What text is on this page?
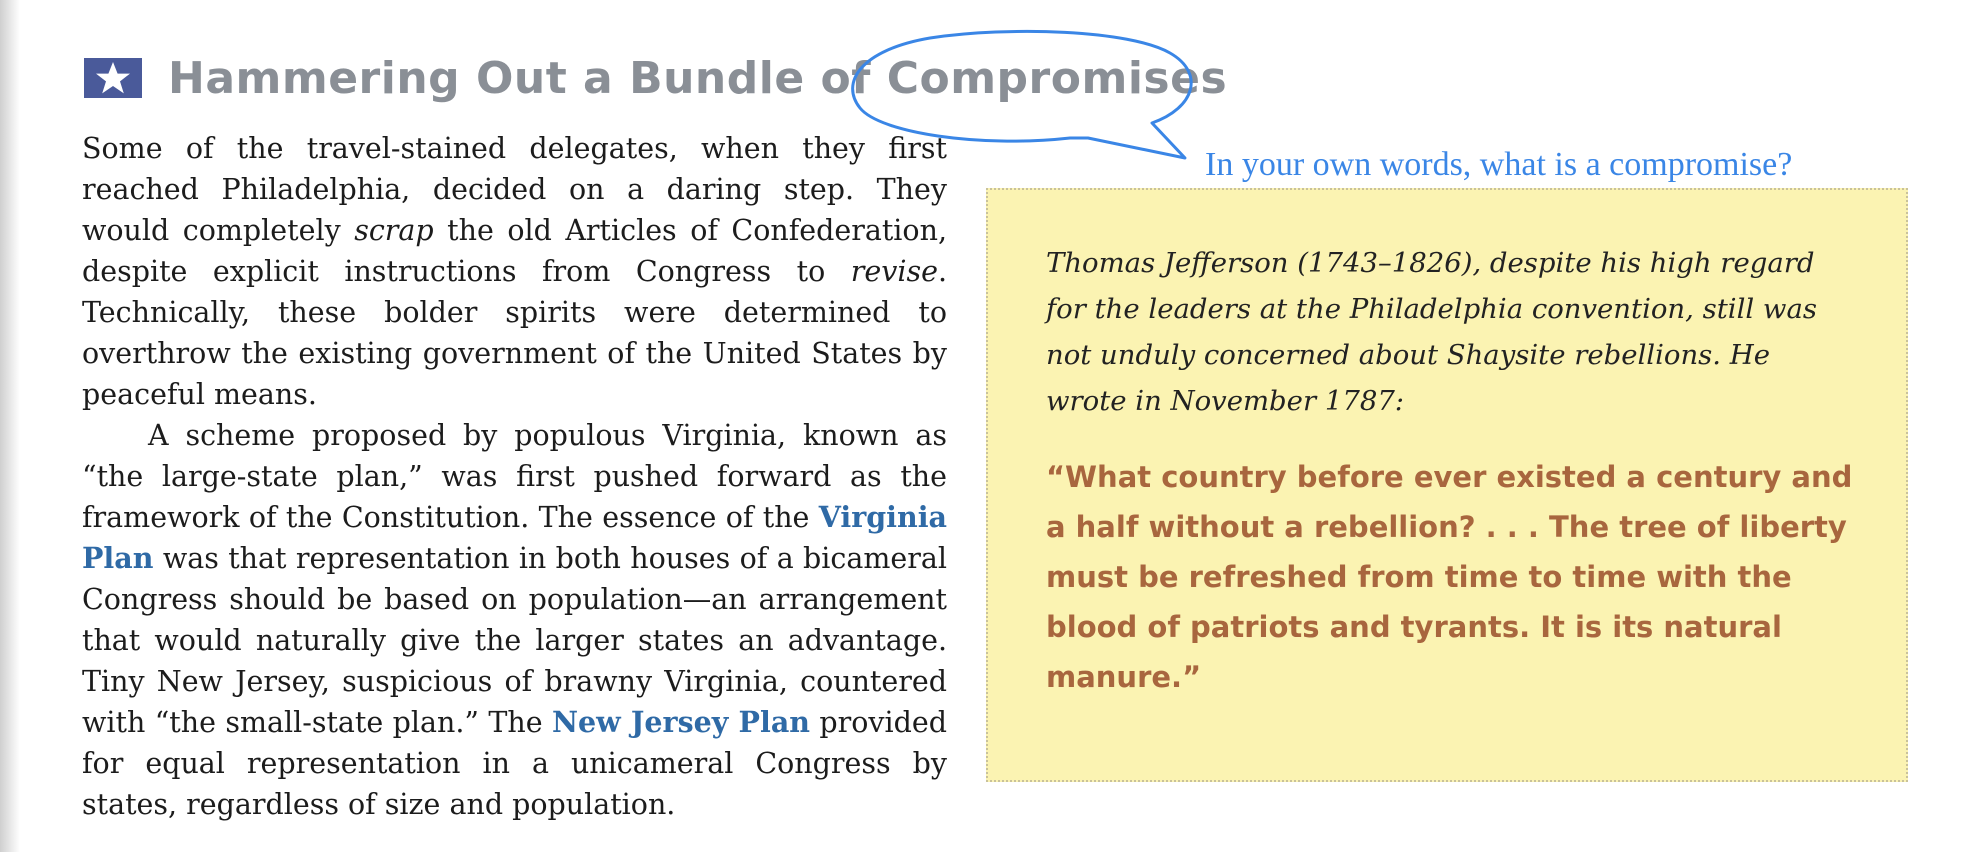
Hammering Out a Bundle of Compromises
In your own words, what is a compromise?

Some of the travel-stained delegates, when they first reached Philadelphia, decided on a daring step. They would completely scrap the old Articles of Confederation, despite explicit instructions from Congress to revise. Technically, these bolder spirits were determined to overthrow the existing government of the United States by peaceful means.

A scheme proposed by populous Virginia, known as “the large-state plan,” was first pushed forward as the framework of the Constitution. The essence of the Virginia Plan was that representation in both houses of a bicameral Congress should be based on population—an arrangement that would naturally give the larger states an advantage. Tiny New Jersey, suspicious of brawny Virginia, countered with “the small-state plan.” The New Jersey Plan provided for equal representation in a unicameral Congress by states, regardless of size and population.

Thomas Jefferson (1743–1826), despite his high regard for the leaders at the Philadelphia convention, still was not unduly concerned about Shaysite rebellions. He wrote in November 1787:

“What country before ever existed a century and a half without a rebellion? . . . The tree of liberty must be refreshed from time to time with the blood of patriots and tyrants. It is its natural manure.”
